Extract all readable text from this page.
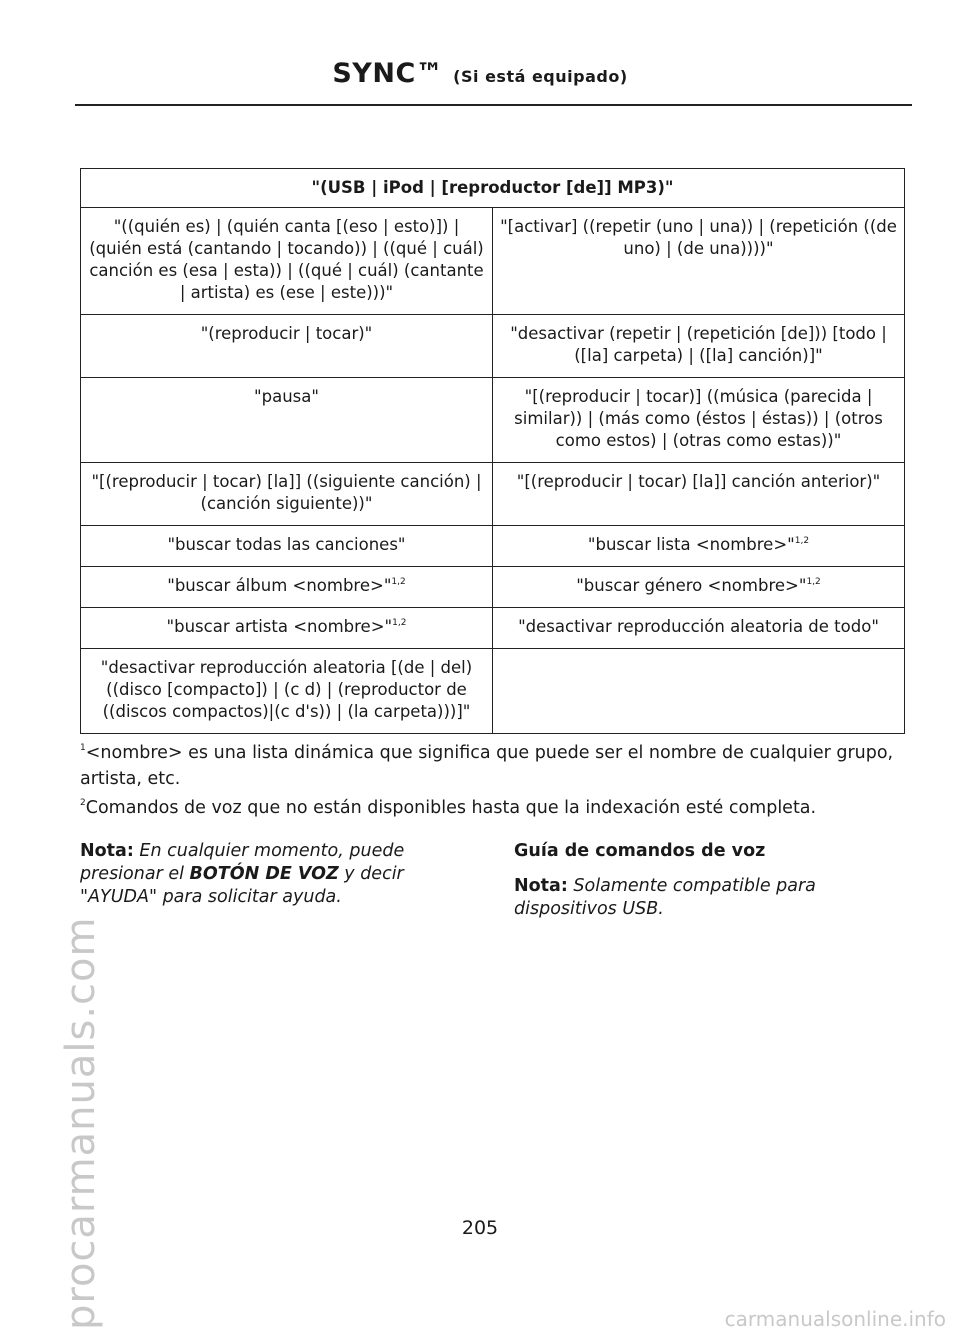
SYNC™ (Si está equipado)
"(USB | iPod | [reproductor [de]] MP3)"	
"((quién es) | (quién canta [(eso | esto)]) | (quién está (cantando | tocando)) | ((qué | cuál) canción es (esa | esta)) | ((qué | cuál) (cantante | artista) es (ese | este)))"	"[activar] ((repetir (uno | una)) | (repetición ((de uno) | (de una))))"
"(reproducir | tocar)"	"desactivar (repetir | (repetición [de])) [todo | ([la] carpeta) | ([la] canción)]"
"pausa"	"[(reproducir | tocar)] ((música (parecida | similar)) | (más como (éstos | éstas)) | (otros como estos) | (otras como estas))"
"[(reproducir | tocar) [la]] ((siguiente canción) | (canción siguiente))"	"[(reproducir | tocar) [la]] canción anterior)"
"buscar todas las canciones"	"buscar lista <nombre>"$^{1,2}$
"buscar álbum <nombre>"$^{1,2}$	"buscar género <nombre>"$^{1,2}$
"buscar artista <nombre>"$^{1,2}$	"desactivar reproducción aleatoria de todo"
"desactivar reproducción aleatoria [(de | del) ((disco [compacto]) | (c d) | (reproductor de ((discos compactos)|(c d's)) | (la carpeta)))]"	
$^1$<nombre> es una lista dinámica que significa que puede ser el nombre de cualquier grupo, artista, etc.
$^2$Comandos de voz que no están disponibles hasta que la indexación esté completa.

Nota: En cualquier momento, puede presionar el BOTÓN DE VOZ y decir "AYUDA" para solicitar ayuda.

Guía de comandos de voz

Nota: Solamente compatible para dispositivos USB.

205
procarmanuals.com	carmanualsonline.info
